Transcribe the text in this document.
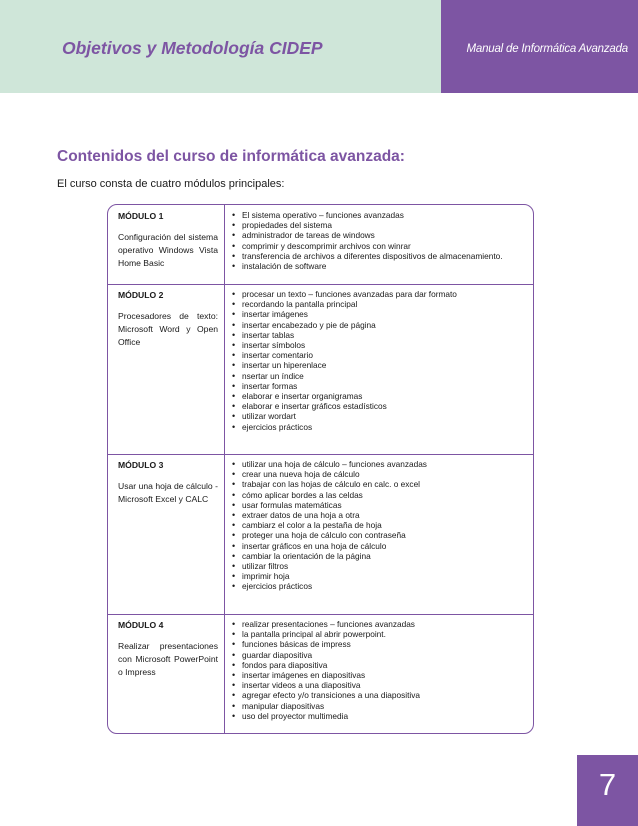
Objetivos y Metodología CIDEP	Manual de Informática Avanzada
Contenidos del curso de informática avanzada:
El curso consta de cuatro módulos principales:
MÓDULO 1
Configuración del sistema operativo Windows Vista Home Basic
• El sistema operativo – funciones avanzadas
• propiedades del sistema
• administrador de tareas de windows
• comprimir y descomprimir archivos con winrar
• transferencia de archivos a diferentes dispositivos de almacenamiento.
• instalación de software
MÓDULO 2
Procesadores de texto: Microsoft Word y Open Office
• procesar un texto – funciones avanzadas para dar formato
• recordando la pantalla principal
• insertar imágenes
• insertar encabezado y pie de página
• insertar tablas
• insertar símbolos
• insertar comentario
• insertar un hiperenlace
• nsertar un índice
• insertar formas
• elaborar e insertar organigramas
• elaborar e insertar gráficos estadísticos
• utilizar wordart
• ejercicios prácticos
MÓDULO 3
Usar una hoja de cálculo - Microsoft Excel y CALC
• utilizar una hoja de cálculo – funciones avanzadas
• crear una nueva hoja de cálculo
• trabajar con las hojas de cálculo en calc. o excel
• cómo aplicar bordes a las celdas
• usar formulas matemáticas
• extraer datos de una hoja a otra
• cambiarz el color a la pestaña de hoja
• proteger una hoja de cálculo con contraseña
• insertar gráficos en una hoja de cálculo
• cambiar la orientación de la página
• utilizar filtros
• imprimir hoja
• ejercicios prácticos
MÓDULO 4
Realizar presentaciones con Microsoft PowerPoint o Impress
• realizar presentaciones – funciones avanzadas
• la pantalla principal al abrir powerpoint.
• funciones básicas de impress
• guardar diapositiva
• fondos para diapositiva
• insertar imágenes en diapositivas
• insertar videos a una diapositiva
• agregar efecto y/o transiciones a una diapositiva
• manipular diapositivas
• uso del proyector multimedia
7
